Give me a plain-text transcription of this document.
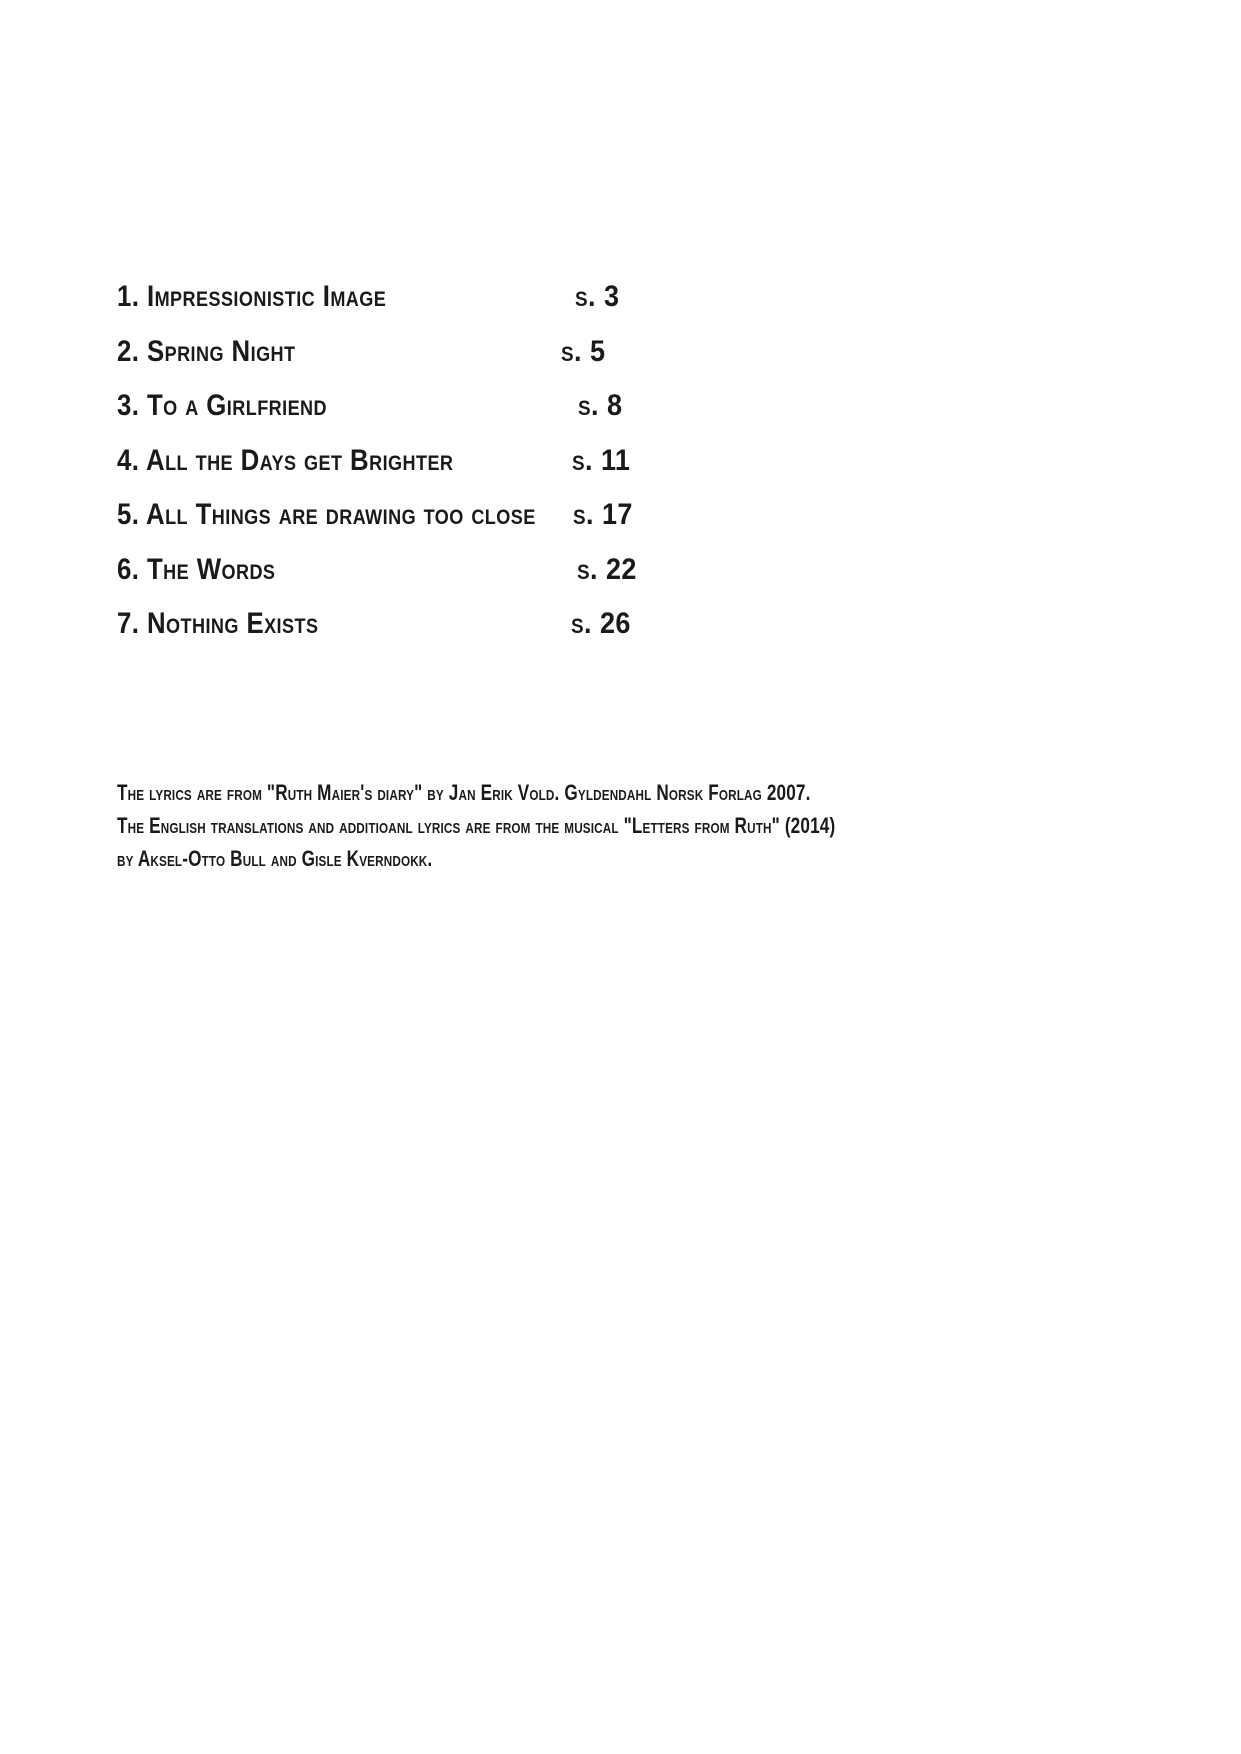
1. Impressionistic Image	s. 3
2. Spring Night	s. 5
3. To a Girlfriend	s. 8
4. All the Days get Brighter	s. 11
5. All Things are drawing too close s. 17
6. The Words	s. 22
7. Nothing Exists	s. 26
The lyrics are from "Ruth Maier's diary" by Jan Erik Vold. Gyldendahl Norsk Forlag 2007.
The English translations and additioanl lyrics are from the musical "Letters from Ruth" (2014)
by Aksel-Otto Bull and Gisle Kverndokk.
